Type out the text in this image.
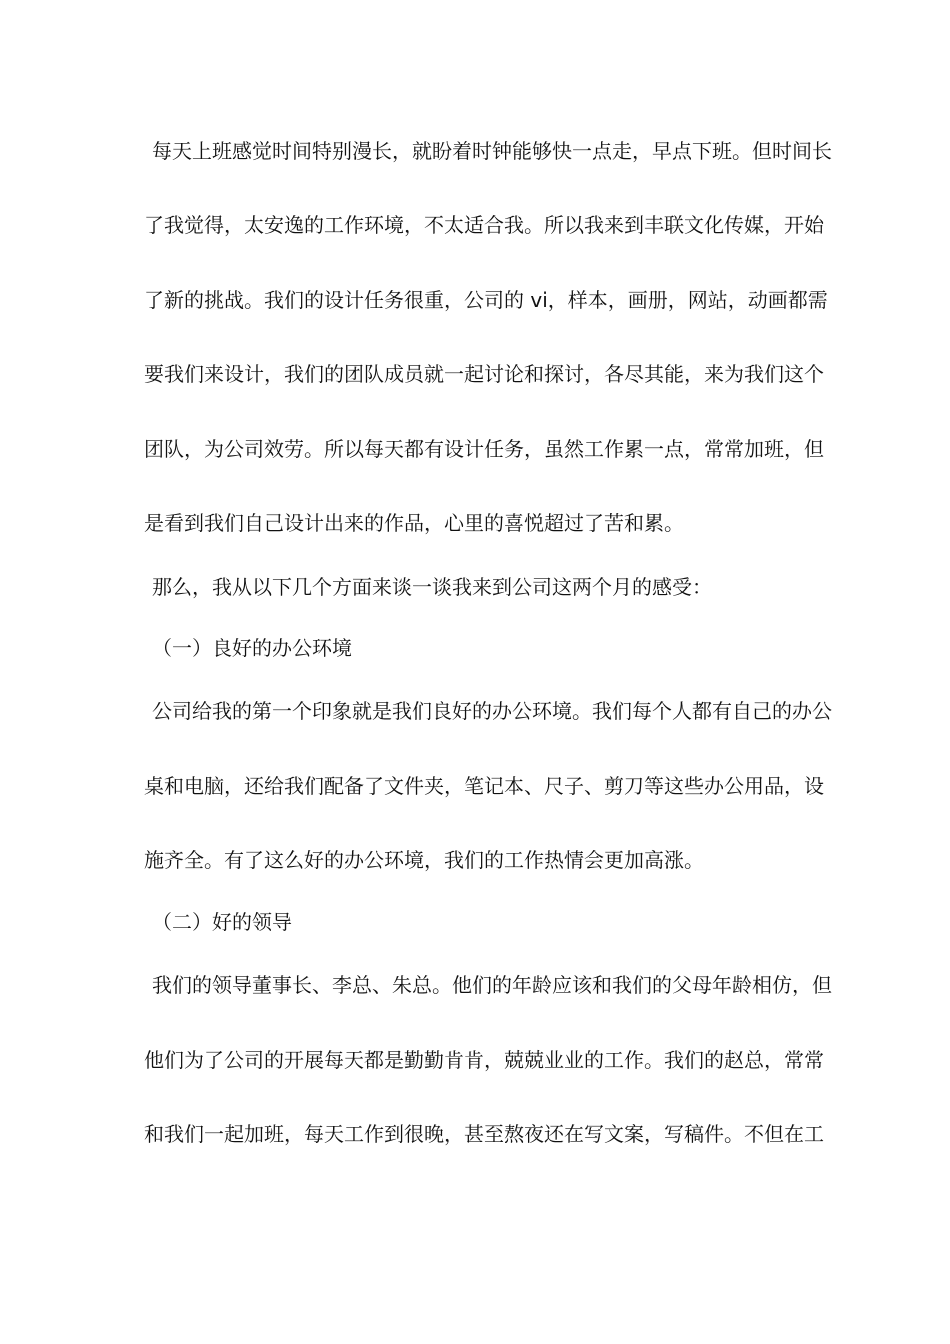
每天上班感觉时间特别漫长，就盼着时钟能够快一点走，早点下班。但时间长
了我觉得，太安逸的工作环境，不太适合我。所以我来到丰联文化传媒，开始
了新的挑战。我们的设计任务很重，公司的 vi，样本，画册，网站，动画都需
要我们来设计，我们的团队成员就一起讨论和探讨，各尽其能，来为我们这个
团队，为公司效劳。所以每天都有设计任务，虽然工作累一点，常常加班，但
是看到我们自己设计出来的作品，心里的喜悦超过了苦和累。
那么，我从以下几个方面来谈一谈我来到公司这两个月的感受：
（一）良好的办公环境
公司给我的第一个印象就是我们良好的办公环境。我们每个人都有自己的办公
桌和电脑，还给我们配备了文件夹，笔记本、尺子、剪刀等这些办公用品，设
施齐全。有了这么好的办公环境，我们的工作热情会更加高涨。
（二）好的领导
我们的领导董事长、李总、朱总。他们的年龄应该和我们的父母年龄相仿，但
他们为了公司的开展每天都是勤勤肯肯，兢兢业业的工作。我们的赵总，常常
和我们一起加班，每天工作到很晚，甚至熬夜还在写文案，写稿件。不但在工
